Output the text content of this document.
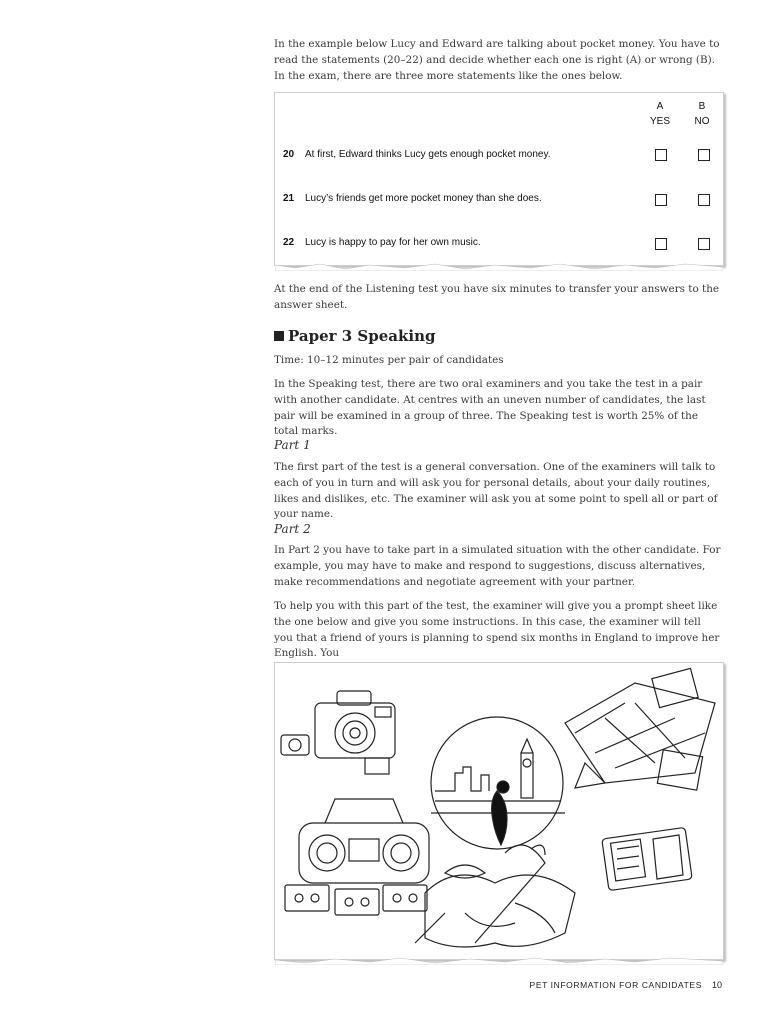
In the example below Lucy and Edward are talking about pocket money. You have to read the statements (20–22) and decide whether each one is right (A) or wrong (B). In the exam, there are three more statements like the ones below.

A
YES
B
NO
20 At first, Edward thinks Lucy gets enough pocket money.
21 Lucy’s friends get more pocket money than she does.
22 Lucy is happy to pay for her own music.

At the end of the Listening test you have six minutes to transfer your answers to the answer sheet.

Paper 3 Speaking

Time: 10–12 minutes per pair of candidates

In the Speaking test, there are two oral examiners and you take the test in a pair with another candidate. At centres with an uneven number of candidates, the last pair will be examined in a group of three. The Speaking test is worth 25% of the total marks.

Part 1

The first part of the test is a general conversation. One of the examiners will talk to each of you in turn and will ask you for personal details, about your daily routines, likes and dislikes, etc. The examiner will ask you at some point to spell all or part of your name.

Part 2

In Part 2 you have to take part in a simulated situation with the other candidate. For example, you may have to make and respond to suggestions, discuss alternatives, make recommendations and negotiate agreement with your partner.

To help you with this part of the test, the examiner will give you a prompt sheet like the one below and give you some instructions. In this case, the examiner will tell you that a friend of yours is planning to spend six months in England to improve her English. You

PET INFORMATION FOR CANDIDATES 10
